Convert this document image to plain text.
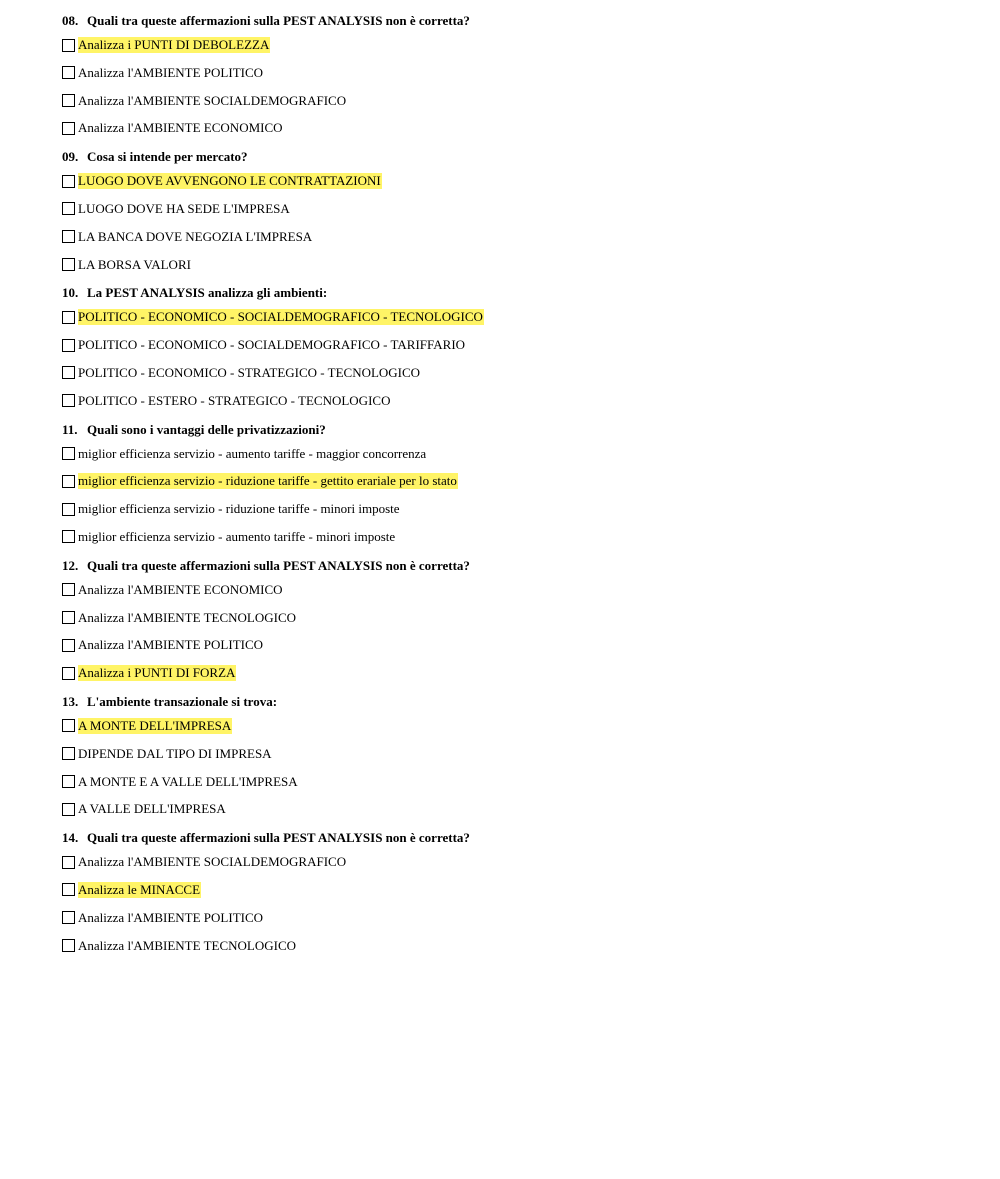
08. Quali tra queste affermazioni sulla PEST ANALYSIS non è corretta?
Analizza i PUNTI DI DEBOLEZZA
Analizza l'AMBIENTE POLITICO
Analizza l'AMBIENTE SOCIALDEMOGRAFICO
Analizza l'AMBIENTE ECONOMICO
09. Cosa si intende per mercato?
LUOGO DOVE AVVENGONO LE CONTRATTAZIONI
LUOGO DOVE HA SEDE L'IMPRESA
LA BANCA DOVE NEGOZIA L'IMPRESA
LA BORSA VALORI
10. La PEST ANALYSIS analizza gli ambienti:
POLITICO - ECONOMICO - SOCIALDEMOGRAFICO - TECNOLOGICO
POLITICO - ECONOMICO - SOCIALDEMOGRAFICO - TARIFFARIO
POLITICO - ECONOMICO - STRATEGICO - TECNOLOGICO
POLITICO - ESTERO - STRATEGICO - TECNOLOGICO
11. Quali sono i vantaggi delle privatizzazioni?
miglior efficienza servizio - aumento tariffe - maggior concorrenza
miglior efficienza servizio - riduzione tariffe - gettito erariale per lo stato
miglior efficienza servizio - riduzione tariffe - minori imposte
miglior efficienza servizio - aumento tariffe - minori imposte
12. Quali tra queste affermazioni sulla PEST ANALYSIS non è corretta?
Analizza l'AMBIENTE ECONOMICO
Analizza l'AMBIENTE TECNOLOGICO
Analizza l'AMBIENTE POLITICO
Analizza i PUNTI DI FORZA
13. L'ambiente transazionale si trova:
A MONTE DELL'IMPRESA
DIPENDE DAL TIPO DI IMPRESA
A MONTE E A VALLE DELL'IMPRESA
A VALLE DELL'IMPRESA
14. Quali tra queste affermazioni sulla PEST ANALYSIS non è corretta?
Analizza l'AMBIENTE SOCIALDEMOGRAFICO
Analizza le MINACCE
Analizza l'AMBIENTE POLITICO
Analizza l'AMBIENTE TECNOLOGICO
